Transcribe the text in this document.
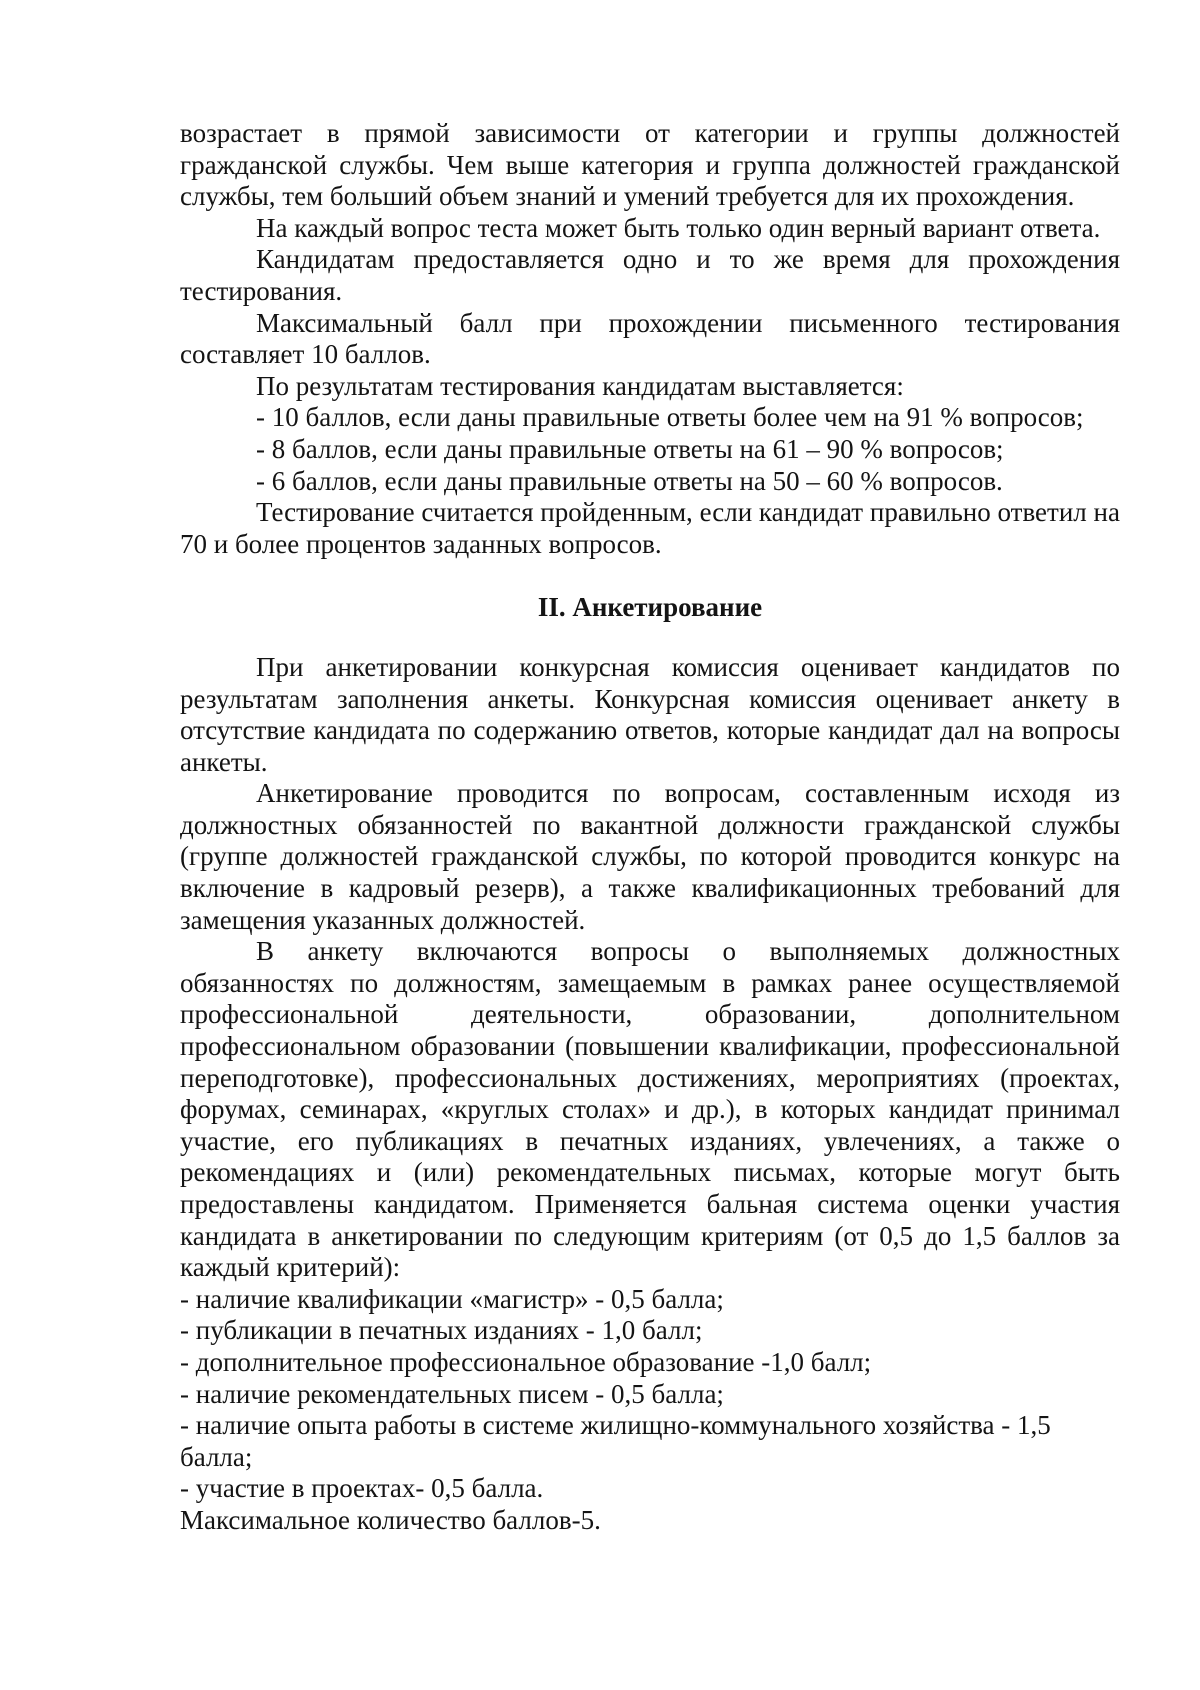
возрастает в прямой зависимости от категории и группы должностей гражданской службы. Чем выше категория и группа должностей гражданской службы, тем больший объем знаний и умений требуется для их прохождения.

На каждый вопрос теста может быть только один верный вариант ответа.

Кандидатам предоставляется одно и то же время для прохождения тестирования.

Максимальный балл при прохождении письменного тестирования составляет 10 баллов.

По результатам тестирования кандидатам выставляется:

- 10 баллов, если даны правильные ответы более чем на 91 % вопросов;

- 8 баллов, если даны правильные ответы на 61 – 90 % вопросов;

- 6 баллов, если даны правильные ответы на 50 – 60 % вопросов.

Тестирование считается пройденным, если кандидат правильно ответил на 70 и более процентов заданных вопросов.

II. Анкетирование

При анкетировании конкурсная комиссия оценивает кандидатов по результатам заполнения анкеты. Конкурсная комиссия оценивает анкету в отсутствие кандидата по содержанию ответов, которые кандидат дал на вопросы анкеты.

Анкетирование проводится по вопросам, составленным исходя из должностных обязанностей по вакантной должности гражданской службы (группе должностей гражданской службы, по которой проводится конкурс на включение в кадровый резерв), а также квалификационных требований для замещения указанных должностей.

В анкету включаются вопросы о выполняемых должностных обязанностях по должностям, замещаемым в рамках ранее осуществляемой профессиональной деятельности, образовании, дополнительном профессиональном образовании (повышении квалификации, профессиональной переподготовке), профессиональных достижениях, мероприятиях (проектах, форумах, семинарах, «круглых столах» и др.), в которых кандидат принимал участие, его публикациях в печатных изданиях, увлечениях, а также о рекомендациях и (или) рекомендательных письмах, которые могут быть предоставлены кандидатом. Применяется бальная система оценки участия кандидата в анкетировании по следующим критериям (от 0,5 до 1,5 баллов за каждый критерий):

- наличие квалификации «магистр» - 0,5 балла;

- публикации в печатных изданиях - 1,0 балл;

- дополнительное профессиональное образование -1,0 балл;

- наличие рекомендательных писем - 0,5 балла;

- наличие опыта работы в системе жилищно-коммунального хозяйства - 1,5 балла;

- участие в проектах- 0,5 балла.

Максимальное количество баллов-5.
